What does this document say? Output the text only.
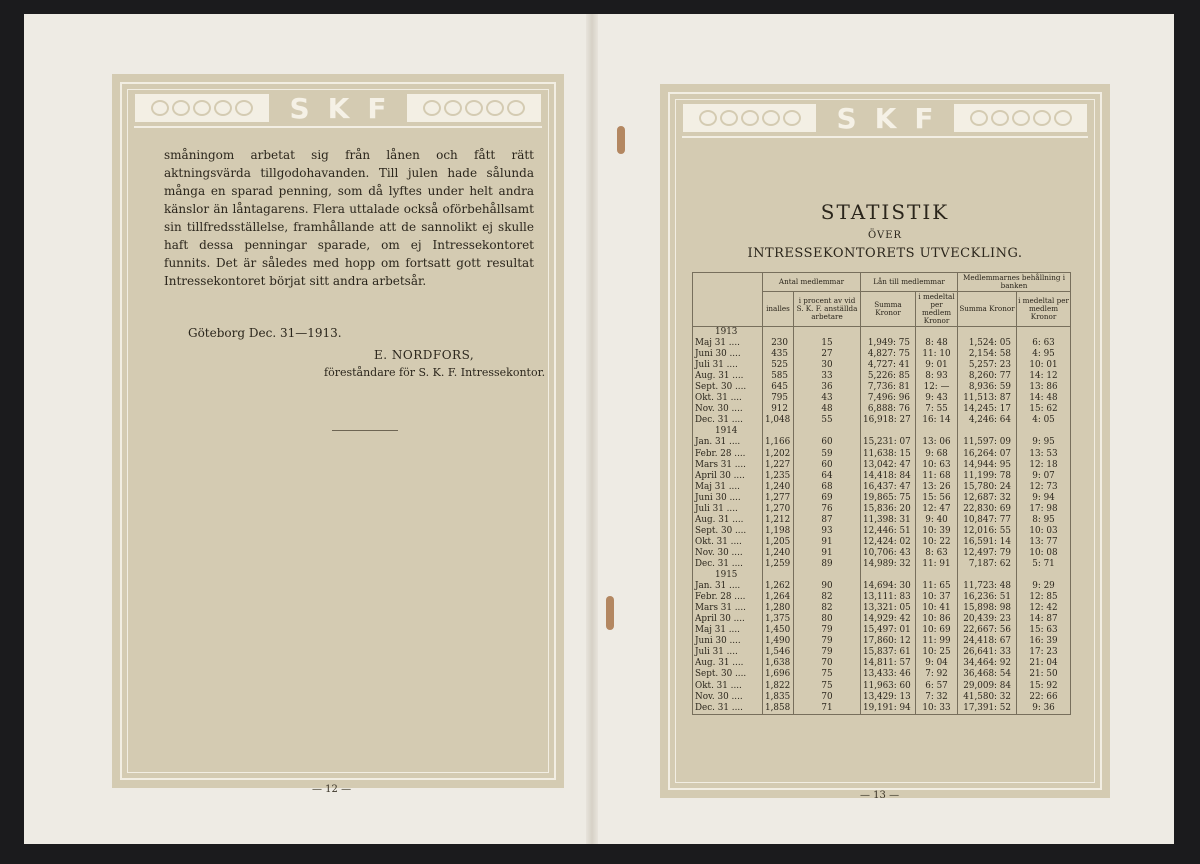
SKF

småningom arbetat sig från lånen och fått rätt aktningsvärda tillgodohavanden. Till julen hade sålunda många en sparad penning, som då lyftes under helt andra känslor än låntagarens. Flera uttalade också oförbehållsamt sin tillfredsställelse, framhållande att de sannolikt ej skulle haft dessa penningar sparade, om ej Intressekontoret funnits. Det är således med hopp om fortsatt gott resultat Intressekontoret börjat sitt andra arbetsår.

Göteborg Dec. 31—1913.
E. NORDFORS,
föreståndare för S. K. F. Intressekontor.
— 12 —
SKF
STATISTIK
ÖVER
INTRESSEKONTORETS UTVECKLING.
	Antal medlemmar		Lån till medlemmar		Medlemmarnes behållning i banken	
	inalles	i procent av vid S. K. F. anställda arbetare	Summa Kronor	i medeltal per medlem Kronor	Summa Kronor	i medeltal per medlem Kronor
1913						
Maj 31 ....	230	15	1,949: 75	8: 48	1,524: 05	6: 63
Juni 30 ....	435	27	4,827: 75	11: 10	2,154: 58	4: 95
Juli 31 ....	525	30	4,727: 41	9: 01	5,257: 23	10: 01
Aug. 31 ....	585	33	5,226: 85	8: 93	8,260: 77	14: 12
Sept. 30 ....	645	36	7,736: 81	12: —	8,936: 59	13: 86
Okt. 31 ....	795	43	7,496: 96	9: 43	11,513: 87	14: 48
Nov. 30 ....	912	48	6,888: 76	7: 55	14,245: 17	15: 62
Dec. 31 ....	1,048	55	16,918: 27	16: 14	4,246: 64	4: 05
1914						
Jan. 31 ....	1,166	60	15,231: 07	13: 06	11,597: 09	9: 95
Febr. 28 ....	1,202	59	11,638: 15	9: 68	16,264: 07	13: 53
Mars 31 ....	1,227	60	13,042: 47	10: 63	14,944: 95	12: 18
April 30 ....	1,235	64	14,418: 84	11: 68	11,199: 78	9: 07
Maj 31 ....	1,240	68	16,437: 47	13: 26	15,780: 24	12: 73
Juni 30 ....	1,277	69	19,865: 75	15: 56	12,687: 32	9: 94
Juli 31 ....	1,270	76	15,836: 20	12: 47	22,830: 69	17: 98
Aug. 31 ....	1,212	87	11,398: 31	9: 40	10,847: 77	8: 95
Sept. 30 ....	1,198	93	12,446: 51	10: 39	12,016: 55	10: 03
Okt. 31 ....	1,205	91	12,424: 02	10: 22	16,591: 14	13: 77
Nov. 30 ....	1,240	91	10,706: 43	8: 63	12,497: 79	10: 08
Dec. 31 ....	1,259	89	14,989: 32	11: 91	7,187: 62	5: 71
1915						
Jan. 31 ....	1,262	90	14,694: 30	11: 65	11,723: 48	9: 29
Febr. 28 ....	1,264	82	13,111: 83	10: 37	16,236: 51	12: 85
Mars 31 ....	1,280	82	13,321: 05	10: 41	15,898: 98	12: 42
April 30 ....	1,375	80	14,929: 42	10: 86	20,439: 23	14: 87
Maj 31 ....	1,450	79	15,497: 01	10: 69	22,667: 56	15: 63
Juni 30 ....	1,490	79	17,860: 12	11: 99	24,418: 67	16: 39
Juli 31 ....	1,546	79	15,837: 61	10: 25	26,641: 33	17: 23
Aug. 31 ....	1,638	70	14,811: 57	9: 04	34,464: 92	21: 04
Sept. 30 ....	1,696	75	13,433: 46	7: 92	36,468: 54	21: 50
Okt. 31 ....	1,822	75	11,963: 60	6: 57	29,009: 84	15: 92
Nov. 30 ....	1,835	70	13,429: 13	7: 32	41,580: 32	22: 66
Dec. 31 ....	1,858	71	19,191: 94	10: 33	17,391: 52	9: 36
— 13 —
